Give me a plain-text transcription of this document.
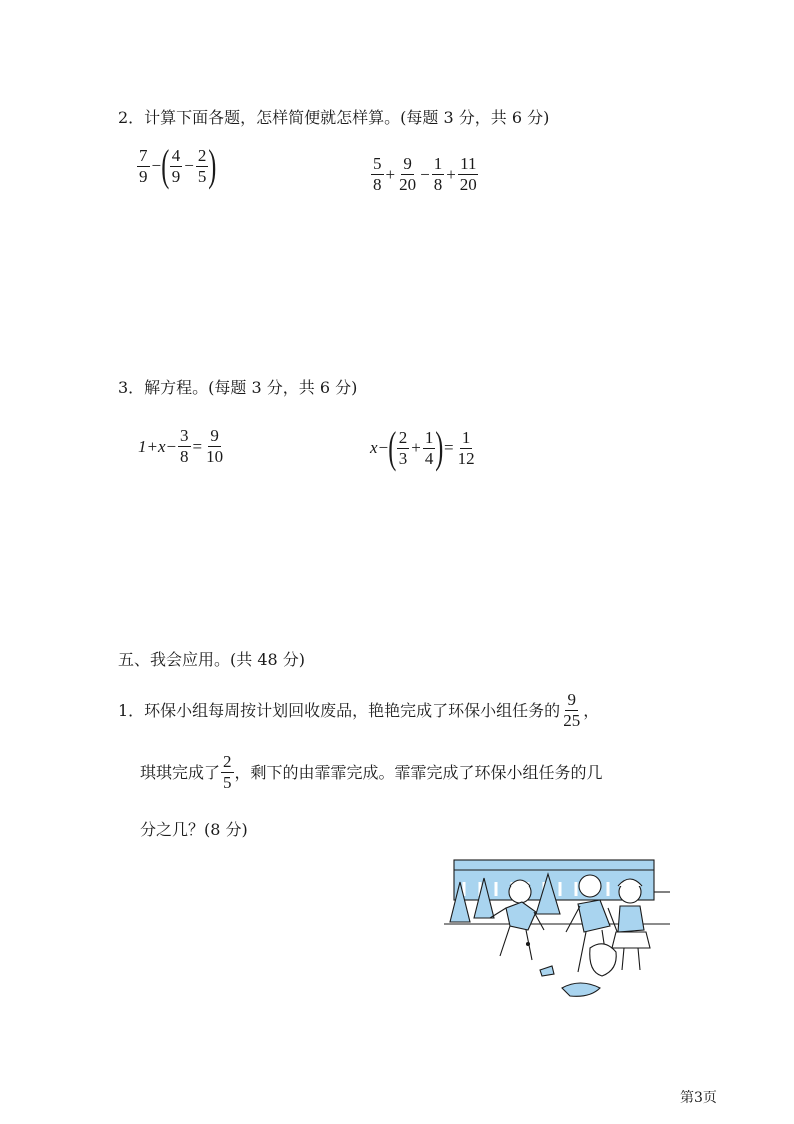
2．计算下面各题，怎样简便就怎样算。(每题 3 分，共 6 分)
$\frac{7}{9}$ − ( $\frac{4}{9} - \frac{2}{5}$ )	$\frac{5}{8} + \frac{9}{20} - \frac{1}{8} + \frac{11}{20}$
3．解方程。(每题 3 分，共 6 分)
$1+x- \frac{3}{8} = \frac{9}{10}$	x − ( $\frac{2}{3} + \frac{1}{4}$ ) = $\frac{1}{12}$
五、我会应用。(共 48 分)
1．环保小组每周按计划回收废品，艳艳完成了环保小组任务的 $\frac{9}{25}$ ，
琪琪完成了 $\frac{2}{5}$ ，剩下的由霏霏完成。霏霏完成了环保小组任务的几
分之几？(8 分)
第3页
